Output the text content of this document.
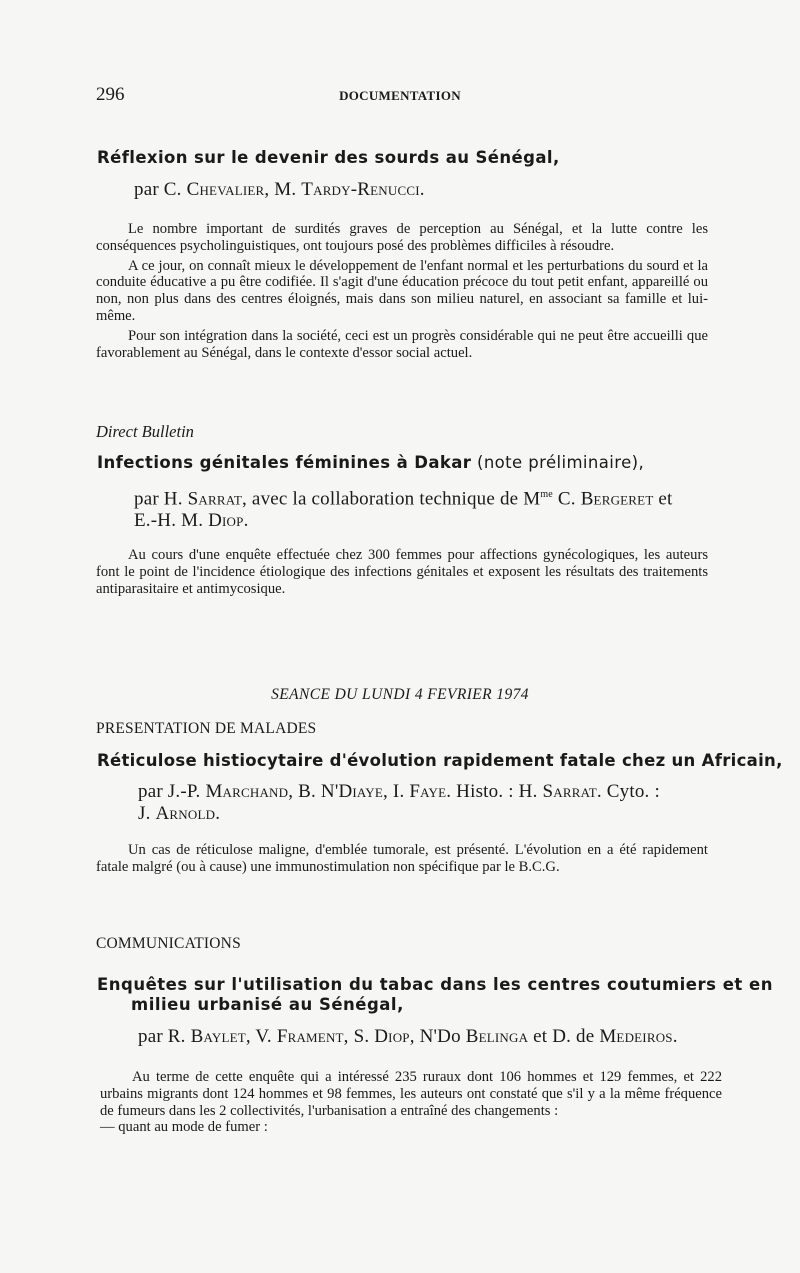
296	DOCUMENTATION
Réflexion sur le devenir des sourds au Sénégal,
par C. Chevalier, M. Tardy-Renucci.

Le nombre important de surdités graves de perception au Sénégal, et la lutte contre les conséquences psycholinguistiques, ont toujours posé des problèmes difficiles à résoudre.

A ce jour, on connaît mieux le développement de l'enfant normal et les perturbations du sourd et la conduite éducative a pu être codifiée. Il s'agit d'une éducation précoce du tout petit enfant, appareillé ou non, non plus dans des centres éloignés, mais dans son milieu naturel, en associant sa famille et lui-même.

Pour son intégration dans la société, ceci est un progrès considérable qui ne peut être accueilli que favorablement au Sénégal, dans le contexte d'essor social actuel.

Direct Bulletin
Infections génitales féminines à Dakar (note préliminaire),
par H. Sarrat, avec la collaboration technique de $M^{me}$ C. Bergeret et
E.-H. M. Diop.

Au cours d'une enquête effectuée chez 300 femmes pour affections gynécologiques, les auteurs font le point de l'incidence étiologique des infections génitales et exposent les résultats des traitements antiparasitaire et antimycosique.

SEANCE DU LUNDI 4 FEVRIER 1974
PRESENTATION DE MALADES
Réticulose histiocytaire d'évolution rapidement fatale chez un Africain,
par J.-P. Marchand, B. N'Diaye, I. Faye. Histo. : H. Sarrat. Cyto. :
J. Arnold.

Un cas de réticulose maligne, d'emblée tumorale, est présenté. L'évolution en a été rapidement fatale malgré (ou à cause) une immunostimulation non spécifique par le B.C.G.

COMMUNICATIONS
Enquêtes sur l'utilisation du tabac dans les centres coutumiers et en
milieu urbanisé au Sénégal,
par R. Baylet, V. Frament, S. Diop, N'Do Belinga et D. de Medeiros.

Au terme de cette enquête qui a intéressé 235 ruraux dont 106 hommes et 129 femmes, et 222 urbains migrants dont 124 hommes et 98 femmes, les auteurs ont constaté que s'il y a la même fréquence de fumeurs dans les 2 collectivités, l'urbanisation a entraîné des changements :

— quant au mode de fumer :
